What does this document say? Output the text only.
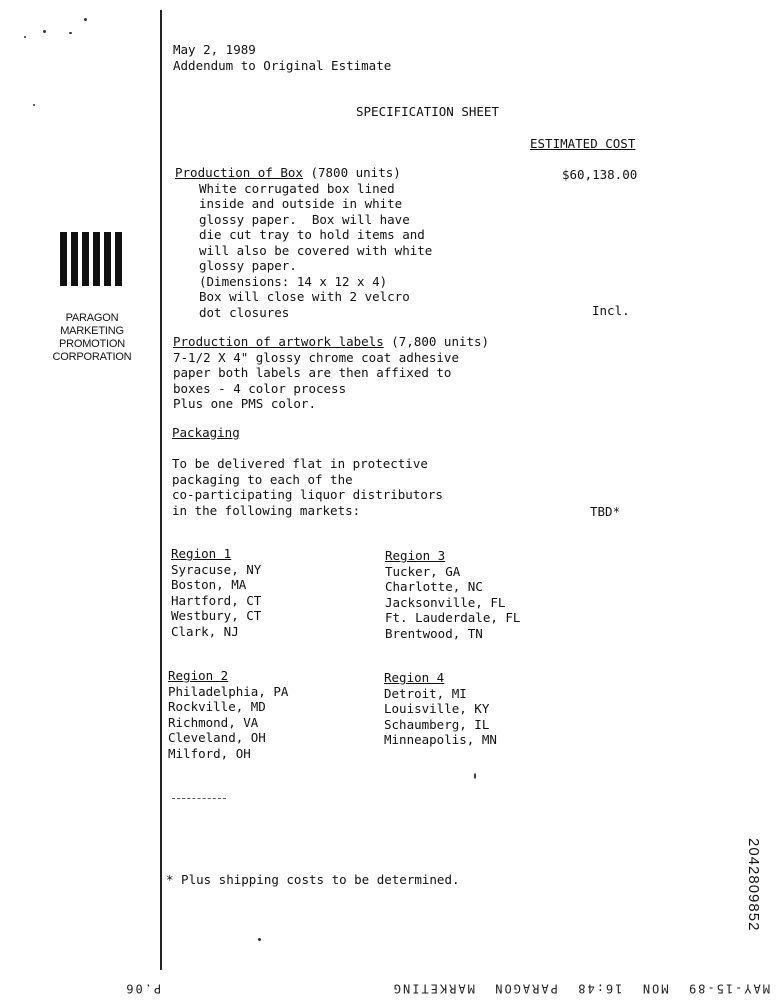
PARAGON
MARKETING
PROMOTION
CORPORATION
May 2, 1989
Addendum to Original Estimate
SPECIFICATION SHEET
ESTIMATED COST
Production of Box (7800 units)
White corrugated box lined
inside and outside in white
glossy paper.  Box will have
die cut tray to hold items and
will also be covered with white
glossy paper.
(Dimensions: 14 x 12 x 4)
Box will close with 2 velcro
dot closures
$60,138.00
Incl.
Production of artwork labels (7,800 units)
7-1/2 X 4" glossy chrome coat adhesive
paper both labels are then affixed to
boxes - 4 color process
Plus one PMS color.
Packaging
To be delivered flat in protective
packaging to each of the
co-participating liquor distributors
in the following markets:	TBD*
Region 1
Syracuse, NY
Boston, MA
Hartford, CT
Westbury, CT
Clark, NJ
Region 3
Tucker, GA
Charlotte, NC
Jacksonville, FL
Ft. Lauderdale, FL
Brentwood, TN
Region 2
Philadelphia, PA
Rockville, MD
Richmond, VA
Cleveland, OH
Milford, OH
Region 4
Detroit, MI
Louisville, KY
Schaumberg, IL
Minneapolis, MN
* Plus shipping costs to be determined.	2042809852
MAY-15-89  MON  16:48  PARAGON  MARKETING                         P.06
